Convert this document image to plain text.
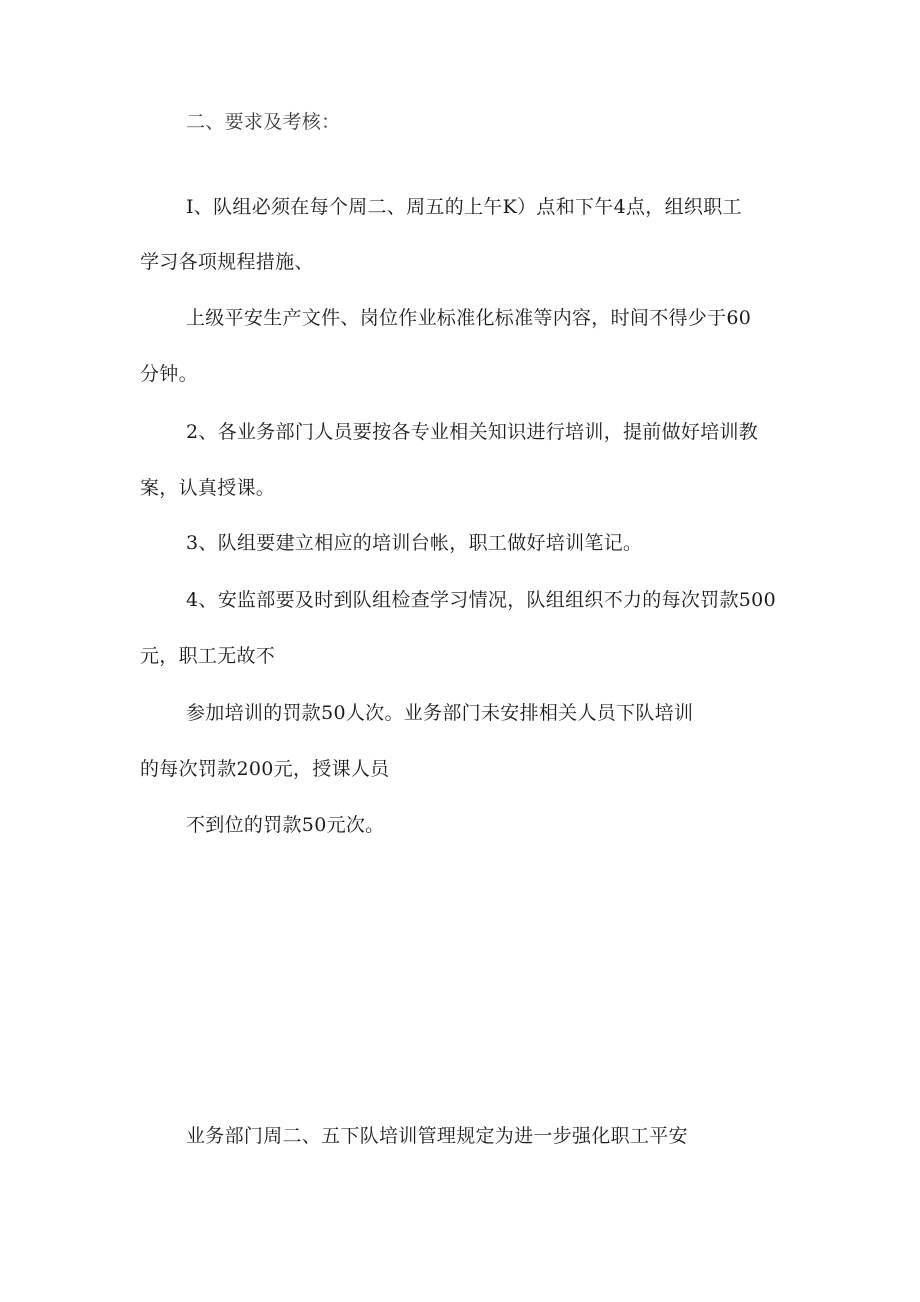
二、要求及考核：
I、队组必须在每个周二、周五的上午K）点和下午4点，组织职工
学习各项规程措施、
上级平安生产文件、岗位作业标准化标准等内容，时间不得少于60
分钟。
2、各业务部门人员要按各专业相关知识进行培训，提前做好培训教
案，认真授课。
3、队组要建立相应的培训台帐，职工做好培训笔记。
4、安监部要及时到队组检查学习情况，队组组织不力的每次罚款500
元，职工无故不
参加培训的罚款50人次。业务部门未安排相关人员下队培训
的每次罚款200元，授课人员
不到位的罚款50元次。
业务部门周二、五下队培训管理规定为进一步强化职工平安
